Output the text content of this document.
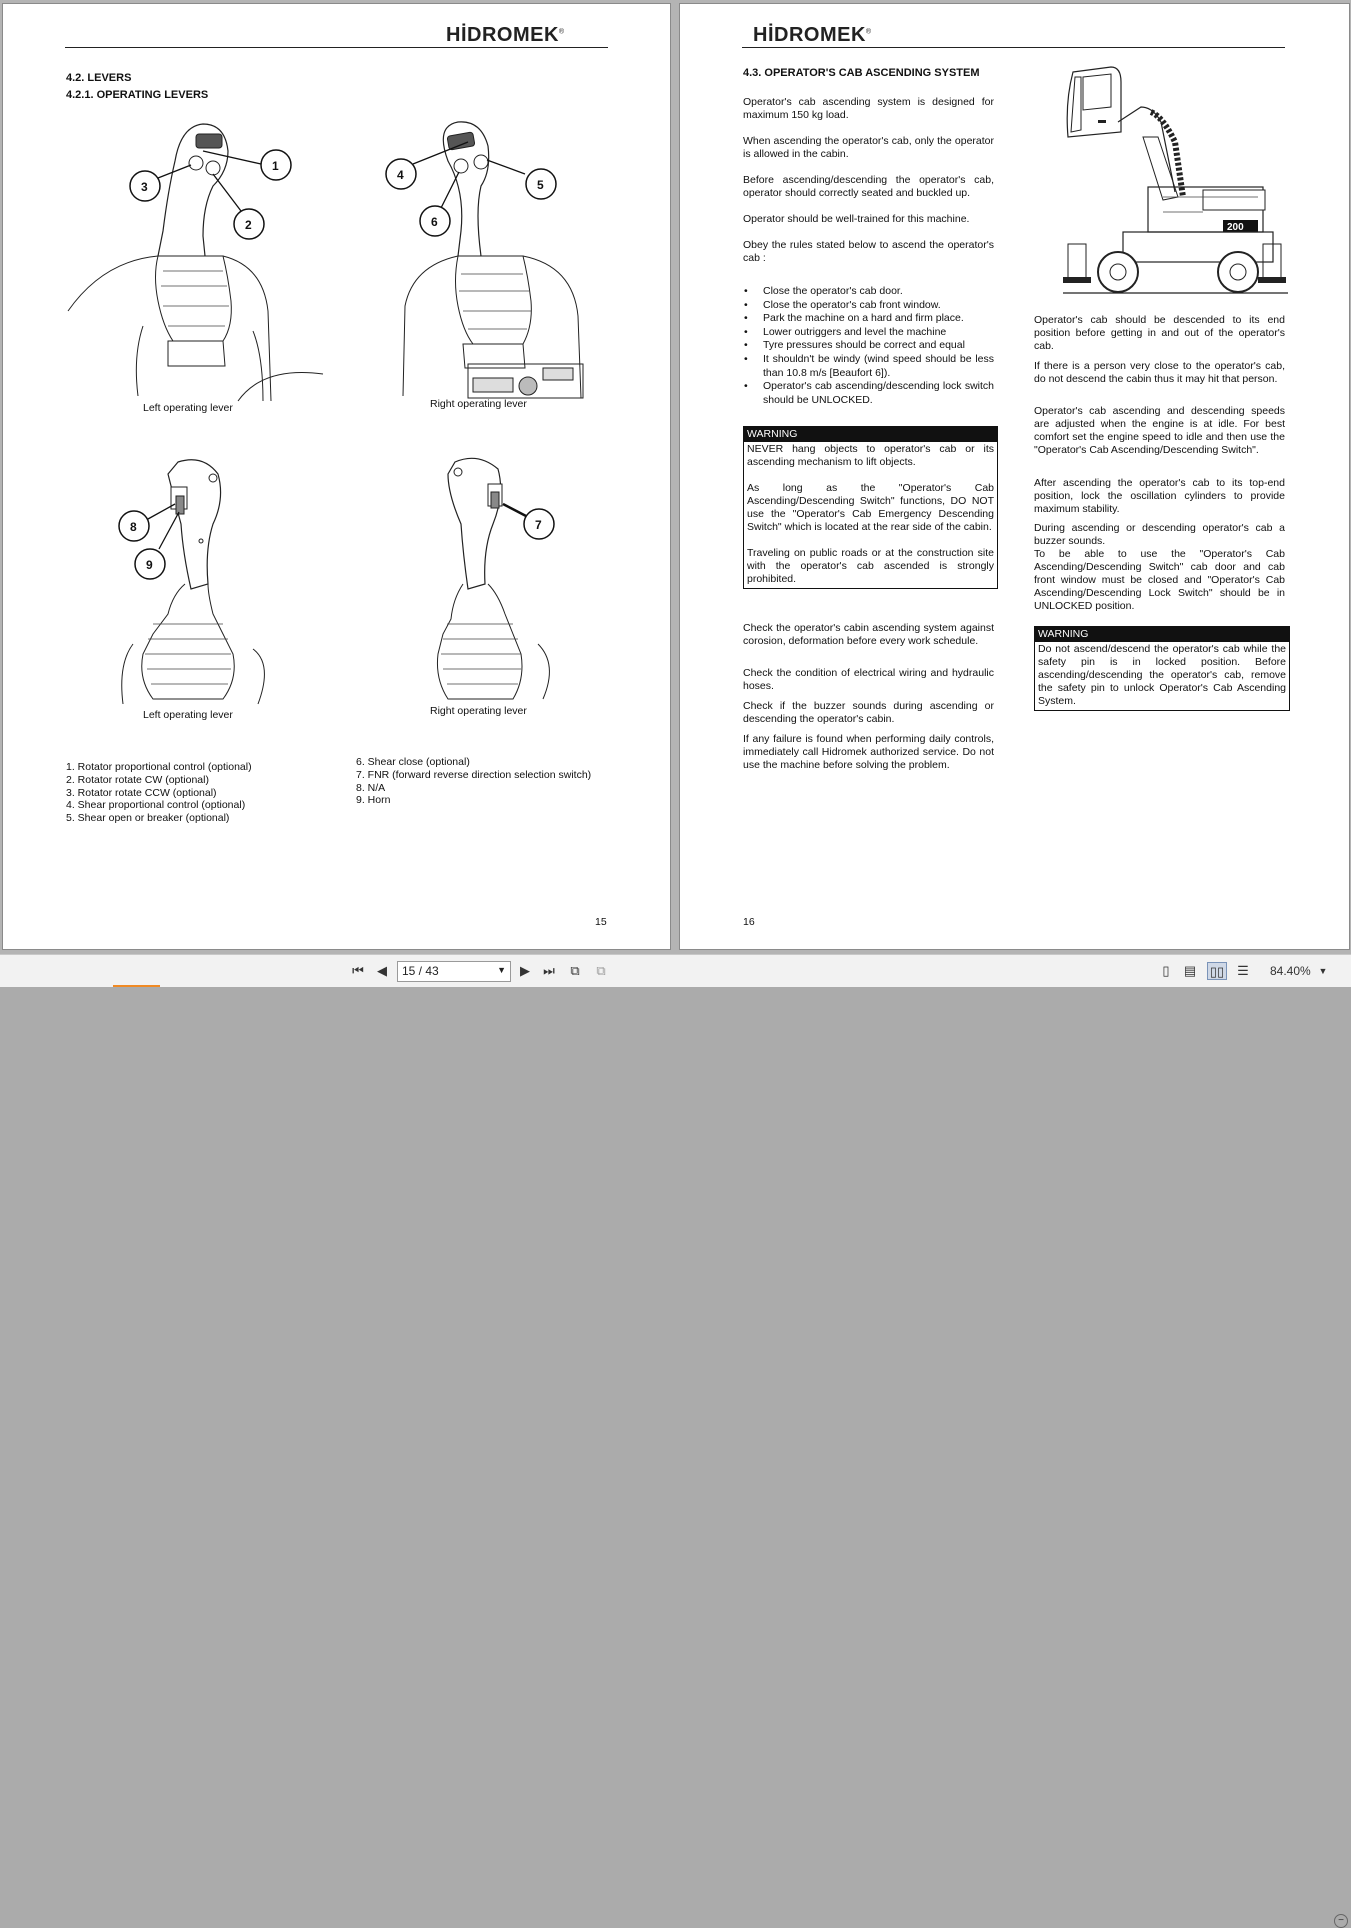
HİDROMEK®
4.2. LEVERS
4.2.1. OPERATING LEVERS
1
2
3
Left operating lever
4
5
6
Right operating lever
8
9
Left operating lever
7
Right operating lever
1. Rotator proportional control (optional)
2. Rotator rotate CW (optional)
3. Rotator rotate CCW (optional)
4. Shear proportional control (optional)
5. Shear open or breaker (optional)
6. Shear close (optional)
7. FNR (forward reverse direction selection switch)
8. N/A
9. Horn
15
HİDROMEK®
4.3. OPERATOR'S CAB ASCENDING SYSTEM
Operator's cab ascending system is designed for maximum 150 kg load.
When ascending the operator's cab, only the operator is allowed in the cabin.
Before ascending/descending the operator's cab, operator should correctly seated and buckled up.
Operator should be well-trained for this machine.
Obey the rules stated below to ascend the operator's cab :
• Close the operator's cab door.
• Close the operator's cab front window.
• Park the machine on a hard and firm place.
• Lower outriggers and level the machine
• Tyre pressures should be correct and equal
• It shouldn't be windy (wind speed should be less than 10.8 m/s [Beaufort 6]).
• Operator's cab ascending/descending lock switch should be UNLOCKED.
WARNING

NEVER hang objects to operator's cab or its ascending mechanism to lift objects.

As long as the "Operator's Cab Ascending/Descending Switch" functions, DO NOT use the "Operator's Cab Emergency Descending Switch" which is located at the rear side of the cabin.

Traveling on public roads or at the construction site with the operator's cab ascended is strongly prohibited.

Check the operator's cabin ascending system against corosion, deformation before every work schedule.
Check the condition of electrical wiring and hydraulic hoses.
Check if the buzzer sounds during ascending or descending the operator's cabin.
If any failure is found when performing daily controls, immediately call Hidromek authorized service. Do not use the machine before solving the problem.
200
Operator's cab should be descended to its end position before getting in and out of the operator's cab.
If there is a person very close to the operator's cab, do not descend the cabin thus it may hit that person.
Operator's cab ascending and descending speeds are adjusted when the engine is at idle. For best comfort set the engine speed to idle and then use the "Operator's Cab Ascending/Descending Switch".
After ascending the operator's cab to its top-end position, lock the oscillation cylinders to provide maximum stability.
During ascending or descending operator's cab a buzzer sounds.
To be able to use the "Operator's Cab Ascending/Descending Switch" cab door and cab front window must be closed and "Operator's Cab Ascending/Descending Lock Switch" should be in UNLOCKED position.
WARNING
Do not ascend/descend the operator's cab while the safety pin is in locked position. Before ascending/descending the operator's cab, remove the safety pin to unlock Operator's Cab Ascending System.
16
⏮ ◀	15 / 43	▼ ▶ ⏭	⧉	⧉	▯	▤ ▯▯ ☰ 84.40% ▼
−
